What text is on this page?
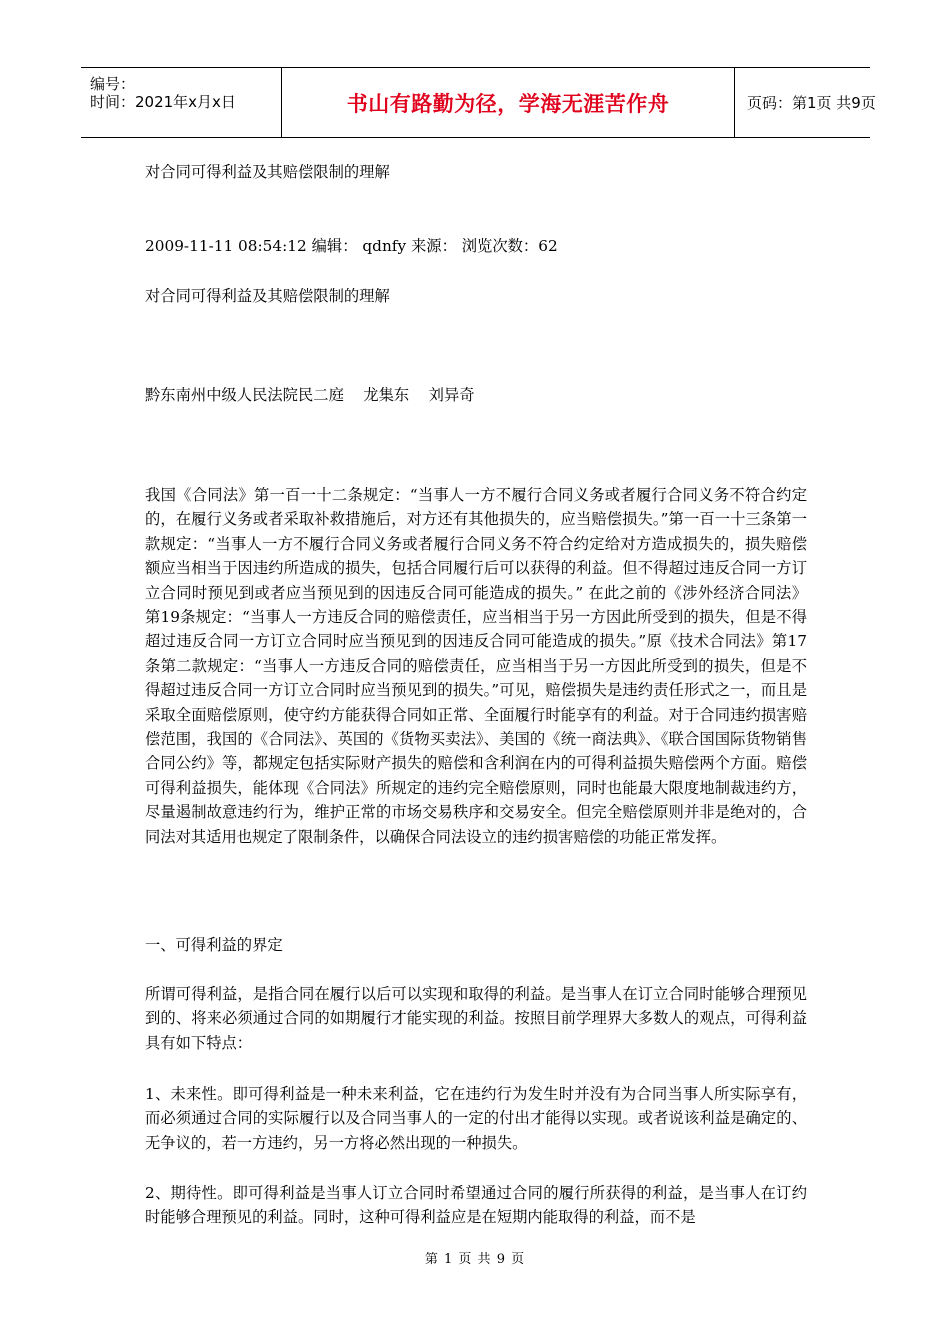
编号：
时间：2021年x月x日	书山有路勤为径，学海无涯苦作舟	页码：第1页 共9页
对合同可得利益及其赔偿限制的理解
2009-11-11 08:54:12 编辑： qdnfy 来源： 浏览次数：62
对合同可得利益及其赔偿限制的理解
黔东南州中级人民法院民二庭    龙集东    刘异奇
我国《合同法》第一百一十二条规定：“当事人一方不履行合同义务或者履行合同义务不符合约定的，在履行义务或者采取补救措施后，对方还有其他损失的，应当赔偿损失。”第一百一十三条第一款规定：“当事人一方不履行合同义务或者履行合同义务不符合约定给对方造成损失的，损失赔偿额应当相当于因违约所造成的损失，包括合同履行后可以获得的利益。但不得超过违反合同一方订立合同时预见到或者应当预见到的因违反合同可能造成的损失。” 在此之前的《涉外经济合同法》第19条规定：“当事人一方违反合同的赔偿责任，应当相当于另一方因此所受到的损失，但是不得超过违反合同一方订立合同时应当预见到的因违反合同可能造成的损失。”原《技术合同法》第17条第二款规定：“当事人一方违反合同的赔偿责任，应当相当于另一方因此所受到的损失，但是不得超过违反合同一方订立合同时应当预见到的损失。”可见，赔偿损失是违约责任形式之一，而且是采取全面赔偿原则，使守约方能获得合同如正常、全面履行时能享有的利益。对于合同违约损害赔偿范围，我国的《合同法》、英国的《货物买卖法》、美国的《统一商法典》、《联合国国际货物销售合同公约》等，都规定包括实际财产损失的赔偿和含利润在内的可得利益损失赔偿两个方面。赔偿可得利益损失，能体现《合同法》所规定的违约完全赔偿原则，同时也能最大限度地制裁违约方，尽量遏制故意违约行为，维护正常的市场交易秩序和交易安全。但完全赔偿原则并非是绝对的，合同法对其适用也规定了限制条件，以确保合同法设立的违约损害赔偿的功能正常发挥。
一、可得利益的界定
所谓可得利益，是指合同在履行以后可以实现和取得的利益。是当事人在订立合同时能够合理预见到的、将来必须通过合同的如期履行才能实现的利益。按照目前学理界大多数人的观点，可得利益具有如下特点：
1、未来性。即可得利益是一种未来利益，它在违约行为发生时并没有为合同当事人所实际享有，而必须通过合同的实际履行以及合同当事人的一定的付出才能得以实现。或者说该利益是确定的、无争议的，若一方违约，另一方将必然出现的一种损失。
2、期待性。即可得利益是当事人订立合同时希望通过合同的履行所获得的利益，是当事人在订约时能够合理预见的利益。同时，这种可得利益应是在短期内能取得的利益，而不是
第 1 页 共 9 页
